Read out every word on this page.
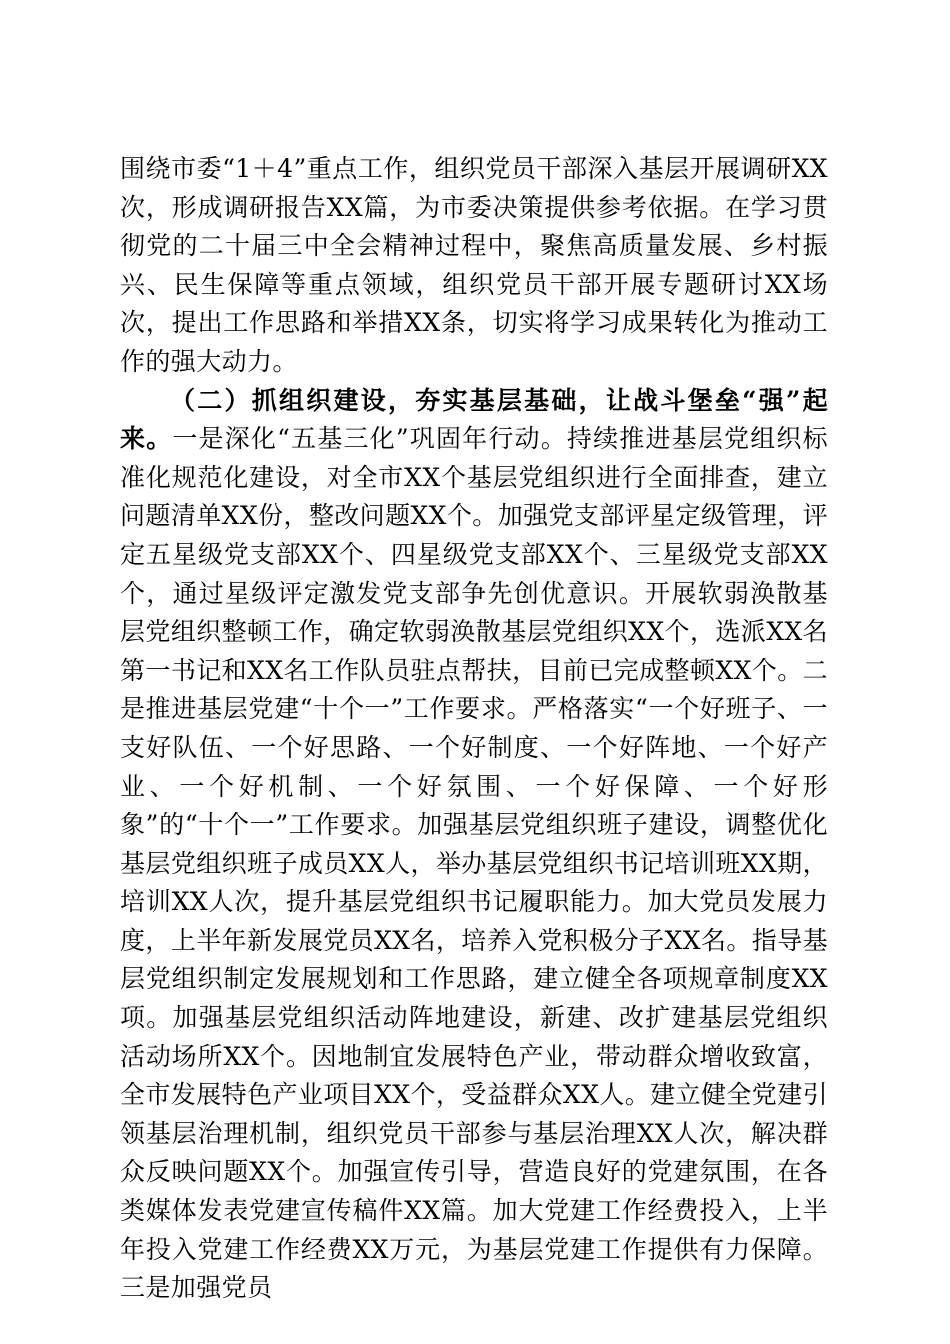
围绕市委“1＋4”重点工作，组织党员干部深入基层开展调研XX次，形成调研报告XX篇，为市委决策提供参考依据。在学习贯彻党的二十届三中全会精神过程中，聚焦高质量发展、乡村振兴、民生保障等重点领域，组织党员干部开展专题研讨XX场次，提出工作思路和举措XX条，切实将学习成果转化为推动工作的强大动力。

（二）抓组织建设，夯实基层基础，让战斗堡垒“强”起来。一是深化“五基三化”巩固年行动。持续推进基层党组织标准化规范化建设，对全市XX个基层党组织进行全面排查，建立问题清单XX份，整改问题XX个。加强党支部评星定级管理，评定五星级党支部XX个、四星级党支部XX个、三星级党支部XX个，通过星级评定激发党支部争先创优意识。开展软弱涣散基层党组织整顿工作，确定软弱涣散基层党组织XX个，选派XX名第一书记和XX名工作队员驻点帮扶，目前已完成整顿XX个。二是推进基层党建“十个一”工作要求。严格落实“一个好班子、一支好队伍、一个好思路、一个好制度、一个好阵地、一个好产业、一个好机制、一个好氛围、一个好保障、一个好形象”的“十个一”工作要求。加强基层党组织班子建设，调整优化基层党组织班子成员XX人，举办基层党组织书记培训班XX期，培训XX人次，提升基层党组织书记履职能力。加大党员发展力度，上半年新发展党员XX名，培养入党积极分子XX名。指导基层党组织制定发展规划和工作思路，建立健全各项规章制度XX项。加强基层党组织活动阵地建设，新建、改扩建基层党组织活动场所XX个。因地制宜发展特色产业，带动群众增收致富，全市发展特色产业项目XX个，受益群众XX人。建立健全党建引领基层治理机制，组织党员干部参与基层治理XX人次，解决群众反映问题XX个。加强宣传引导，营造良好的党建氛围，在各类媒体发表党建宣传稿件XX篇。加大党建工作经费投入，上半年投入党建工作经费XX万元，为基层党建工作提供有力保障。三是加强党员
